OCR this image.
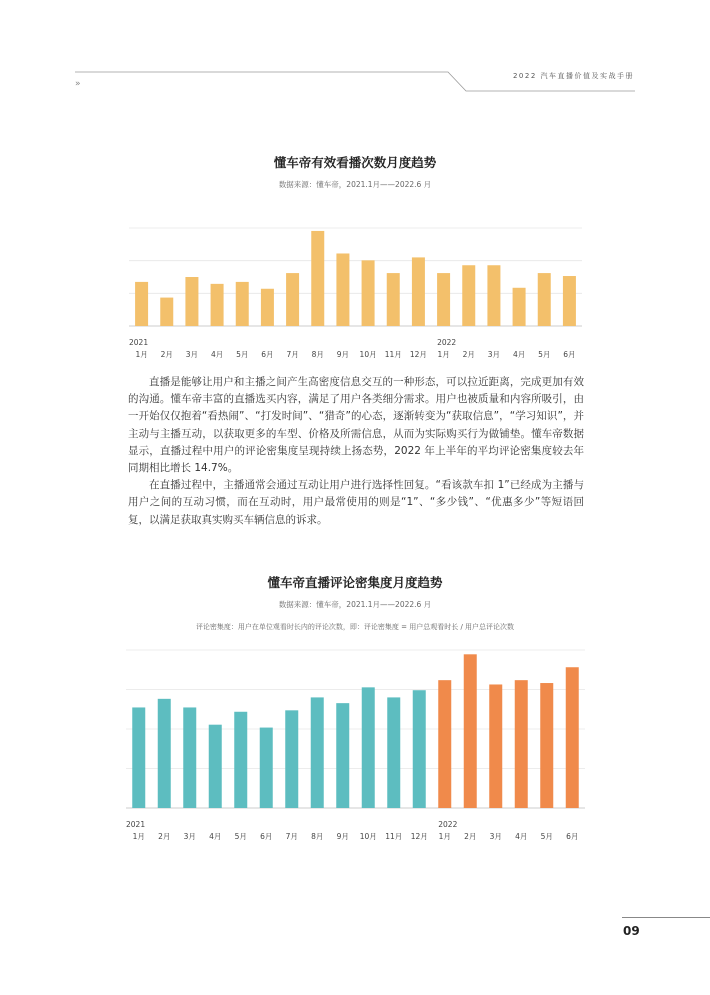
2022 汽车直播价值及实战手册
»
懂车帝有效看播次数月度趋势
数据来源：懂车帝，2021.1月——2022.6 月
1月 2月 3月 4月 5月 6月 7月 8月 9月 10月 11月 12月 1月 2月 3月 4月 5月 6月
2021	2022

直播是能够让用户和主播之间产生高密度信息交互的一种形态，可以拉近距离，完成更加有效的沟通。懂车帝丰富的直播选买内容，满足了用户各类细分需求。用户也被质量和内容所吸引，由一开始仅仅抱着“看热闹”、“打发时间”、“猎奇”的心态，逐渐转变为“获取信息”，“学习知识”，并主动与主播互动，以获取更多的车型、价格及所需信息，从而为实际购买行为做铺垫。懂车帝数据显示，直播过程中用户的评论密集度呈现持续上扬态势，2022 年上半年的平均评论密集度较去年同期相比增长 14.7%。

在直播过程中，主播通常会通过互动让用户进行选择性回复。“看该款车扣 1”已经成为主播与用户之间的互动习惯，而在互动时，用户最常使用的则是“1”、“多少钱”、“优惠多少”等短语回复，以满足获取真实购买车辆信息的诉求。

懂车帝直播评论密集度月度趋势
数据来源：懂车帝，2021.1月——2022.6 月
评论密集度：用户在单位观看时长内的评论次数，即：评论密集度 = 用户总观看时长 / 用户总评论次数
1月 2月 3月 4月 5月 6月 7月 8月 9月 10月 11月 12月 1月 2月 3月 4月 5月 6月
2021	2022
09
